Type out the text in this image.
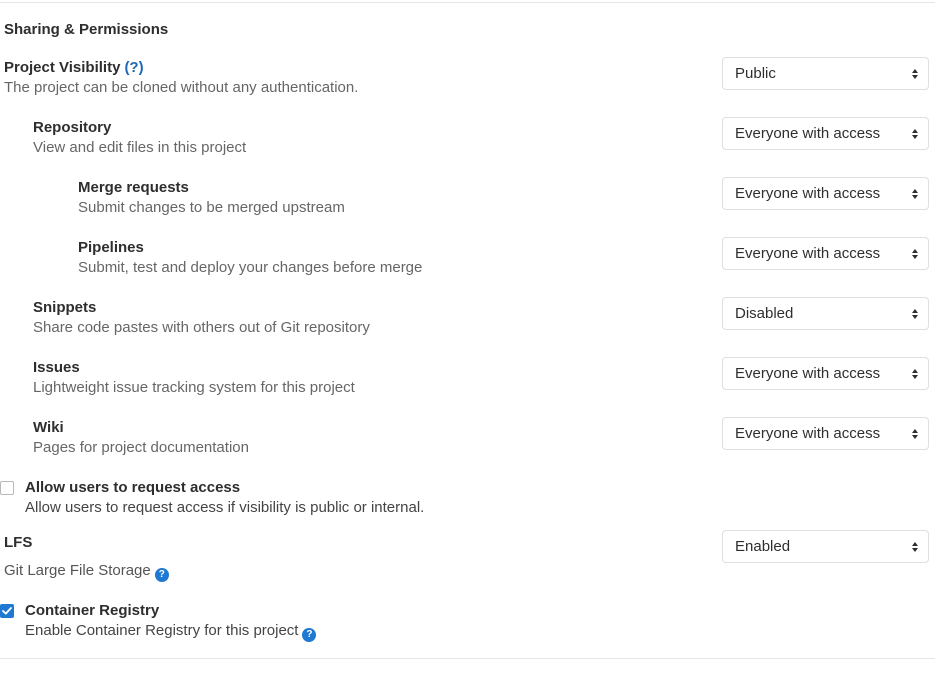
Sharing & Permissions
Project Visibility (?)
The project can be cloned without any authentication.
Public
Repository
View and edit files in this project
Everyone with access
Merge requests
Submit changes to be merged upstream
Everyone with access
Pipelines
Submit, test and deploy your changes before merge
Everyone with access
Snippets
Share code pastes with others out of Git repository
Disabled
Issues
Lightweight issue tracking system for this project
Everyone with access
Wiki
Pages for project documentation
Everyone with access
Allow users to request access
Allow users to request access if visibility is public or internal.
LFS	Enabled
Git Large File Storage ?
Container Registry
Enable Container Registry for this project ?
